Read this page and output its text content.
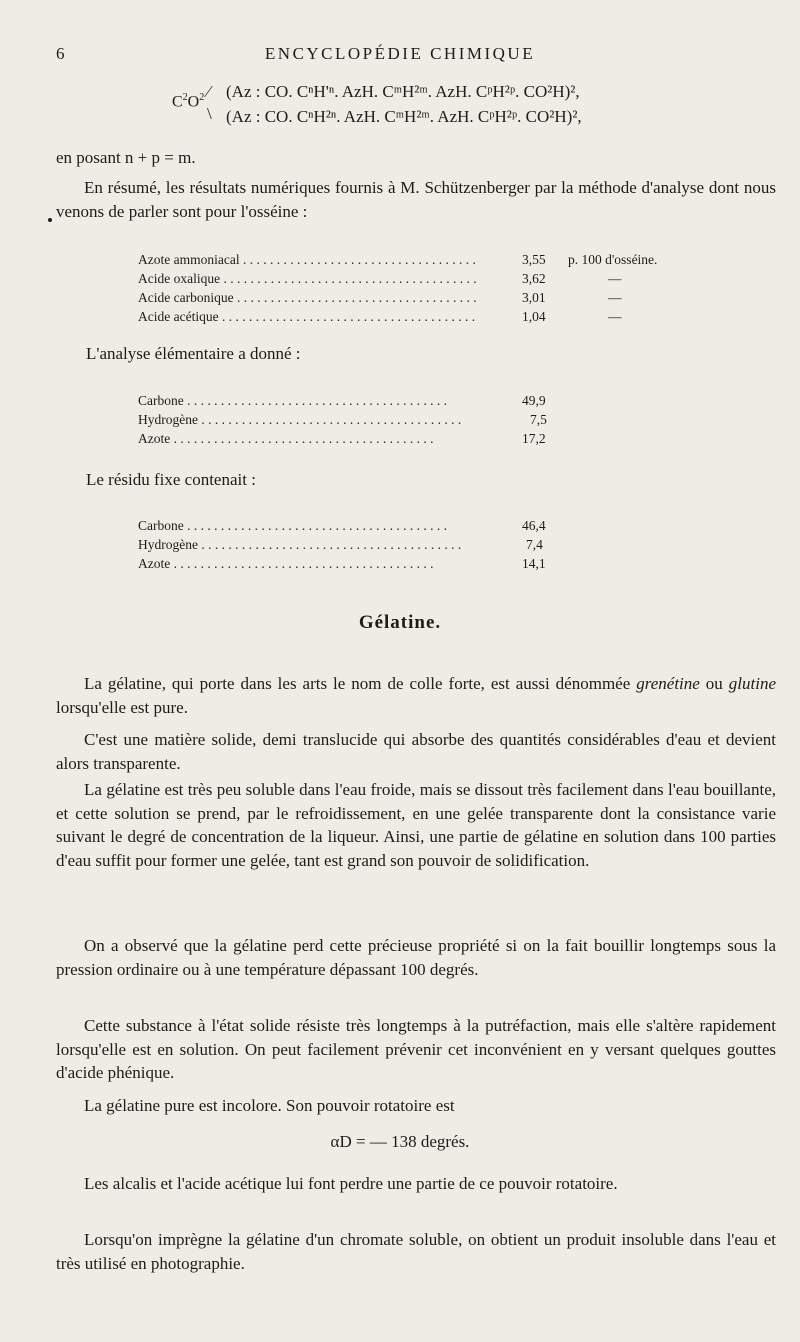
6	ENCYCLOPÉDIE CHIMIQUE
$C^2O^2$ ⁄
\
(Az : CO. CⁿH'ⁿ. AzH. CᵐH²ᵐ. AzH. CᵖH²ᵖ. CO²H)²,
(Az : CO. CⁿH²ⁿ. AzH. CᵐH²ᵐ. AzH. CᵖH²ᵖ. CO²H)²,
en posant n + p = m.
En résumé, les résultats numériques fournis à M. Schützenberger par la méthode d'analyse dont nous venons de parler sont pour l'osséine :
Azote ammoniacal . . .	3,55	p. 100 d'osséine.
Acide oxalique . . .	3,62	—
Acide carbonique . . .	3,01	—
Acide acétique . . .	1,04	—
L'analyse élémentaire a donné :
Carbone . . .	49,9
Hydrogène . . .	7,5
Azote . . .	17,2
Le résidu fixe contenait :
Carbone . . .	46,4
Hydrogène . . .	7,4
Azote . . .	14,1
Gélatine.
La gélatine, qui porte dans les arts le nom de colle forte, est aussi dénommée grenétine ou glutine lorsqu'elle est pure.
C'est une matière solide, demi translucide qui absorbe des quantités considérables d'eau et devient alors transparente.
La gélatine est très peu soluble dans l'eau froide, mais se dissout très facilement dans l'eau bouillante, et cette solution se prend, par le refroidissement, en une gelée transparente dont la consistance varie suivant le degré de concentration de la liqueur. Ainsi, une partie de gélatine en solution dans 100 parties d'eau suffit pour former une gelée, tant est grand son pouvoir de solidification.
On a observé que la gélatine perd cette précieuse propriété si on la fait bouillir longtemps sous la pression ordinaire ou à une température dépassant 100 degrés.
Cette substance à l'état solide résiste très longtemps à la putréfaction, mais elle s'altère rapidement lorsqu'elle est en solution. On peut facilement prévenir cet inconvénient en y versant quelques gouttes d'acide phénique.
La gélatine pure est incolore. Son pouvoir rotatoire est
αD = — 138 degrés.
Les alcalis et l'acide acétique lui font perdre une partie de ce pouvoir rotatoire.
Lorsqu'on imprègne la gélatine d'un chromate soluble, on obtient un produit insoluble dans l'eau et très utilisé en photographie.
